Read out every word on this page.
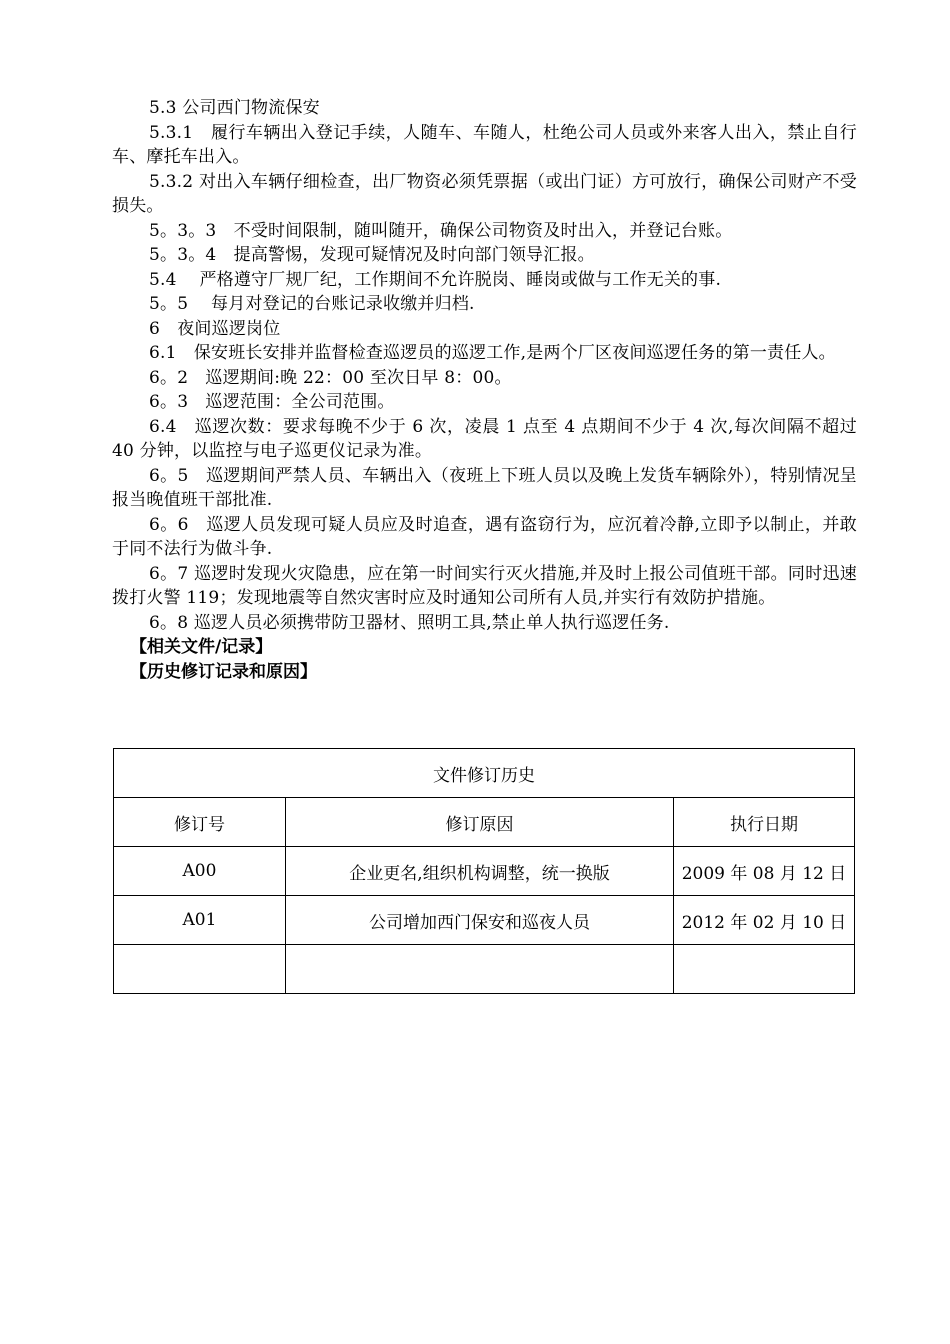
5.3 公司西门物流保安

5.3.1　履行车辆出入登记手续，人随车、车随人，杜绝公司人员或外来客人出入，禁止自行车、摩托车出入。

5.3.2 对出入车辆仔细检查，出厂物资必须凭票据（或出门证）方可放行，确保公司财产不受损失。

5。3。3　不受时间限制，随叫随开，确保公司物资及时出入，并登记台账。

5。3。4　提高警惕，发现可疑情况及时向部门领导汇报。

5.4　 严格遵守厂规厂纪，工作期间不允许脱岗、睡岗或做与工作无关的事.

5。5　 每月对登记的台账记录收缴并归档.

6　夜间巡逻岗位

6.1　保安班长安排并监督检查巡逻员的巡逻工作,是两个厂区夜间巡逻任务的第一责任人。

6。2　巡逻期间:晚 22：00 至次日早 8：00。

6。3　巡逻范围：全公司范围。

6.4　巡逻次数：要求每晚不少于 6 次，凌晨 1 点至 4 点期间不少于 4 次,每次间隔不超过 40 分钟，以监控与电子巡更仪记录为准。

6。5　巡逻期间严禁人员、车辆出入（夜班上下班人员以及晚上发货车辆除外），特别情况呈报当晚值班干部批准.

6。6　巡逻人员发现可疑人员应及时追查，遇有盗窃行为，应沉着冷静,立即予以制止，并敢于同不法行为做斗争.

6。7 巡逻时发现火灾隐患，应在第一时间实行灭火措施,并及时上报公司值班干部。同时迅速拨打火警 119；发现地震等自然灾害时应及时通知公司所有人员,并实行有效防护措施。

6。8 巡逻人员必须携带防卫器材、照明工具,禁止单人执行巡逻任务.

【相关文件/记录】

【历史修订记录和原因】

文件修订历史		
修订号	修订原因	执行日期
A00	企业更名,组织机构调整，统一换版	2009 年 08 月 12 日
A01	公司增加西门保安和巡夜人员	2012 年 02 月 10 日
